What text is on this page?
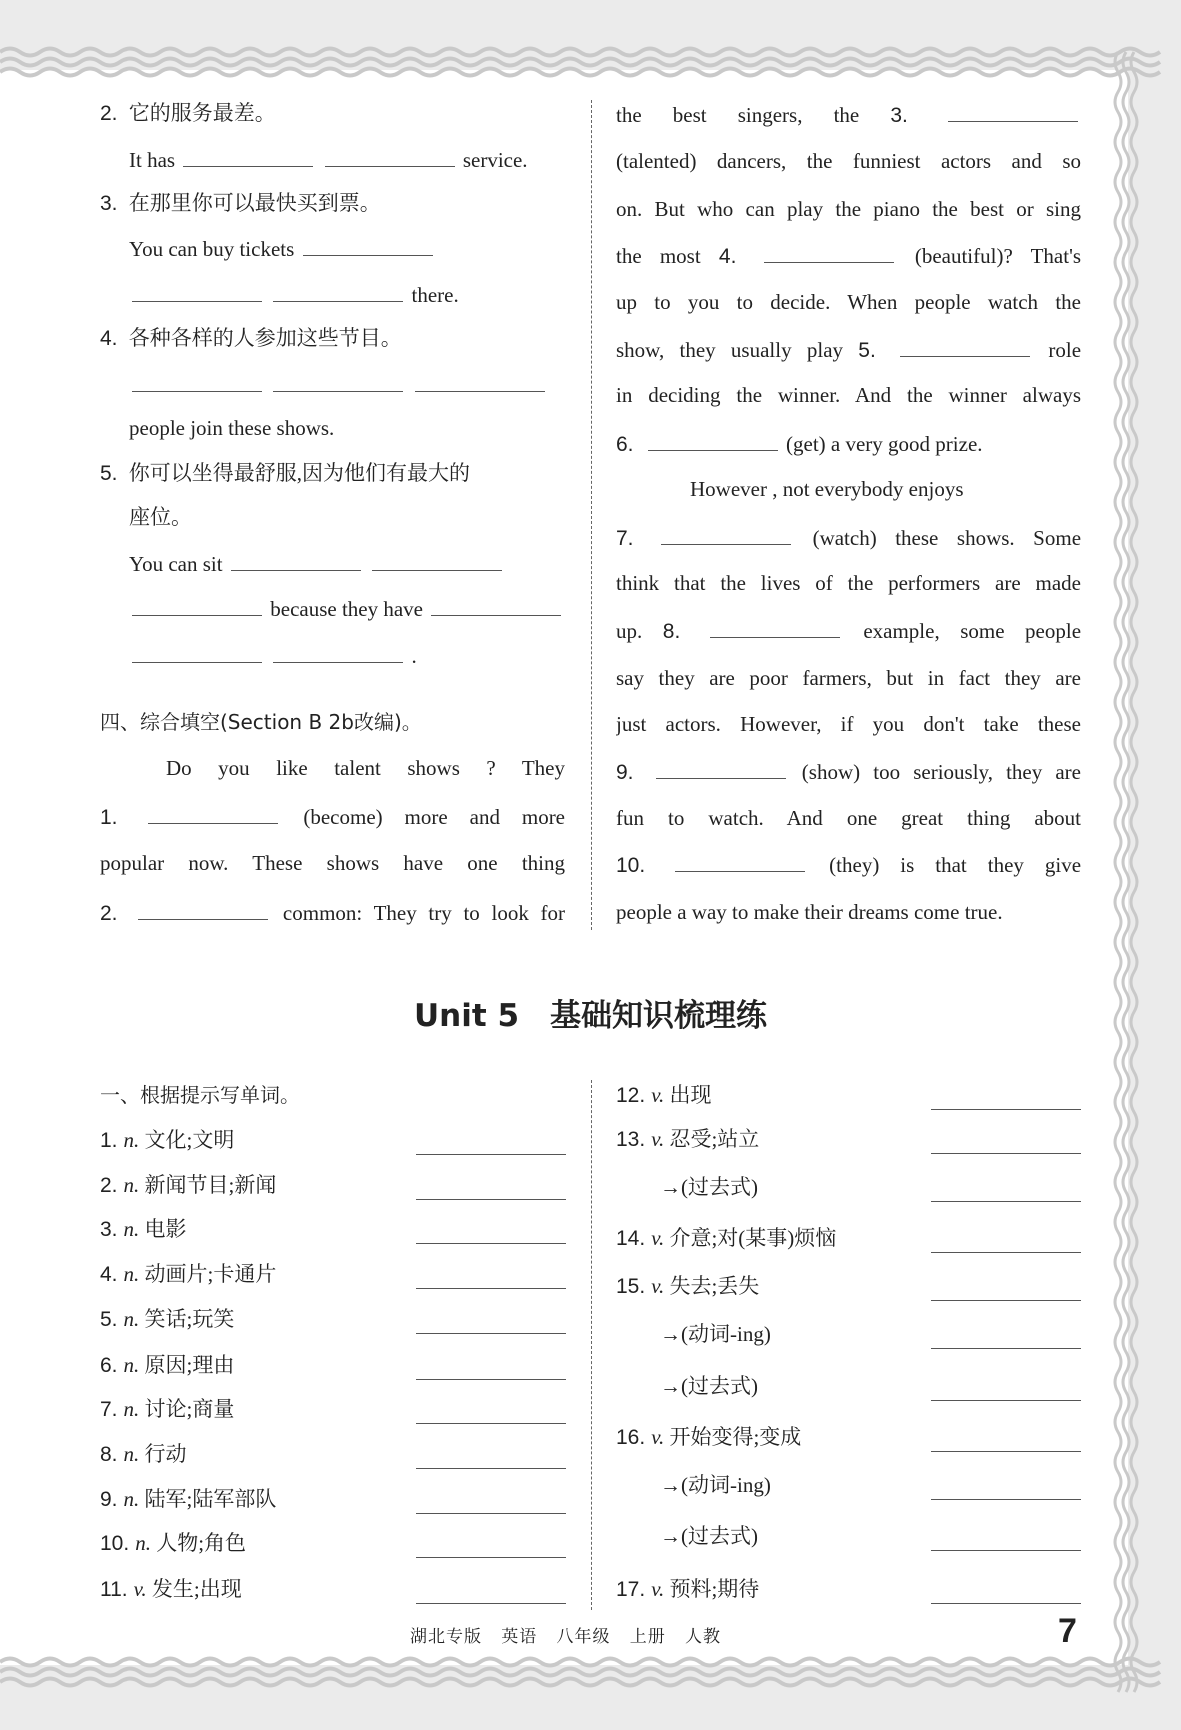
2. 它的服务最差。
It has	service.
3. 在那里你可以最快买到票。
You can buy tickets
there.
4. 各种各样的人参加这些节目。

people join these shows.
5. 你可以坐得最舒服,因为他们有最大的
座位。
You can sit
because they have
.
四、综合填空(Section B 2b改编)。
Do you like talent shows ? They
1.	(become) more and more
popular now. These shows have one thing
2.	common: They try to look for
the best singers, the 3.
(talented) dancers, the funniest actors and so
on. But who can play the piano the best or sing
the most 4.	(beautiful)? That's
up to you to decide. When people watch the
show, they usually play 5.	role
in deciding the winner. And the winner always
6.	(get) a very good prize.
However , not everybody enjoys
7.	(watch) these shows. Some
think that the lives of the performers are made
up. 8.	example, some people
say they are poor farmers, but in fact they are
just actors. However, if you don't take these
9.	(show) too seriously, they are
fun to watch. And one great thing about
10.	(they) is that they give
people a way to make their dreams come true.
一、根据提示写单词。
1. n. 文化;文明
2. n. 新闻节目;新闻
3. n. 电影
4. n. 动画片;卡通片
5. n. 笑话;玩笑
6. n. 原因;理由
7. n. 讨论;商量
8. n. 行动
9. n. 陆军;陆军部队
10. n. 人物;角色
11. v. 发生;出现
12. v. 出现
13. v. 忍受;站立
→(过去式)
14. v. 介意;对(某事)烦恼
15. v. 失去;丢失
→(动词-ing)
→(过去式)
16. v. 开始变得;变成
→(动词-ing)
→(过去式)
17. v. 预料;期待
Unit 5　基础知识梳理练
湖北专版 英语 八年级 上册 人教	7
